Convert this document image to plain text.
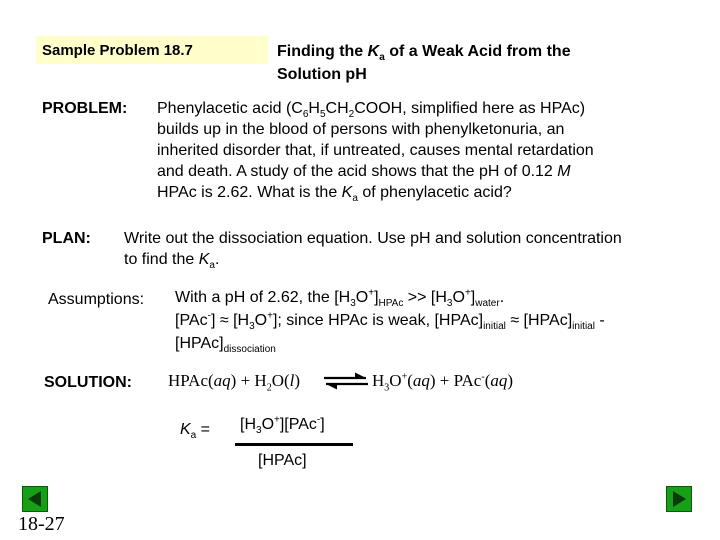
Sample Problem 18.7	Finding the $K_a$ of a Weak Acid from the
Solution pH
PROBLEM: Phenylacetic acid ($C_6H_5CH_2COOH$, simplified here as HPAc)
builds up in the blood of persons with phenylketonuria, an
inherited disorder that, if untreated, causes mental retardation
and death. A study of the acid shows that the pH of 0.12 M
HPAc is 2.62. What is the $K_a$ of phenylacetic acid?
PLAN: Write out the dissociation equation. Use pH and solution concentration
to find the $K_a$.
Assumptions: With a pH of 2.62, the $[H_3O^+]_{HPAc} >> [H_3O^+]_{water}$.
$[PAc^-] \approx [H_3O^+]$; since HPAc is weak, $[HPAc]_{initial}$ ≈ $[HPAc]_{initial}$ -
$[HPAc]_{dissociation}$
SOLUTION: HPAc(aq) + $H_2O(l)$ ⇌ $H_3O^+(aq) + PAc^-(aq)$
$K_a = [H_3O^+][PAc^-]$
[HPAc]
18-27
